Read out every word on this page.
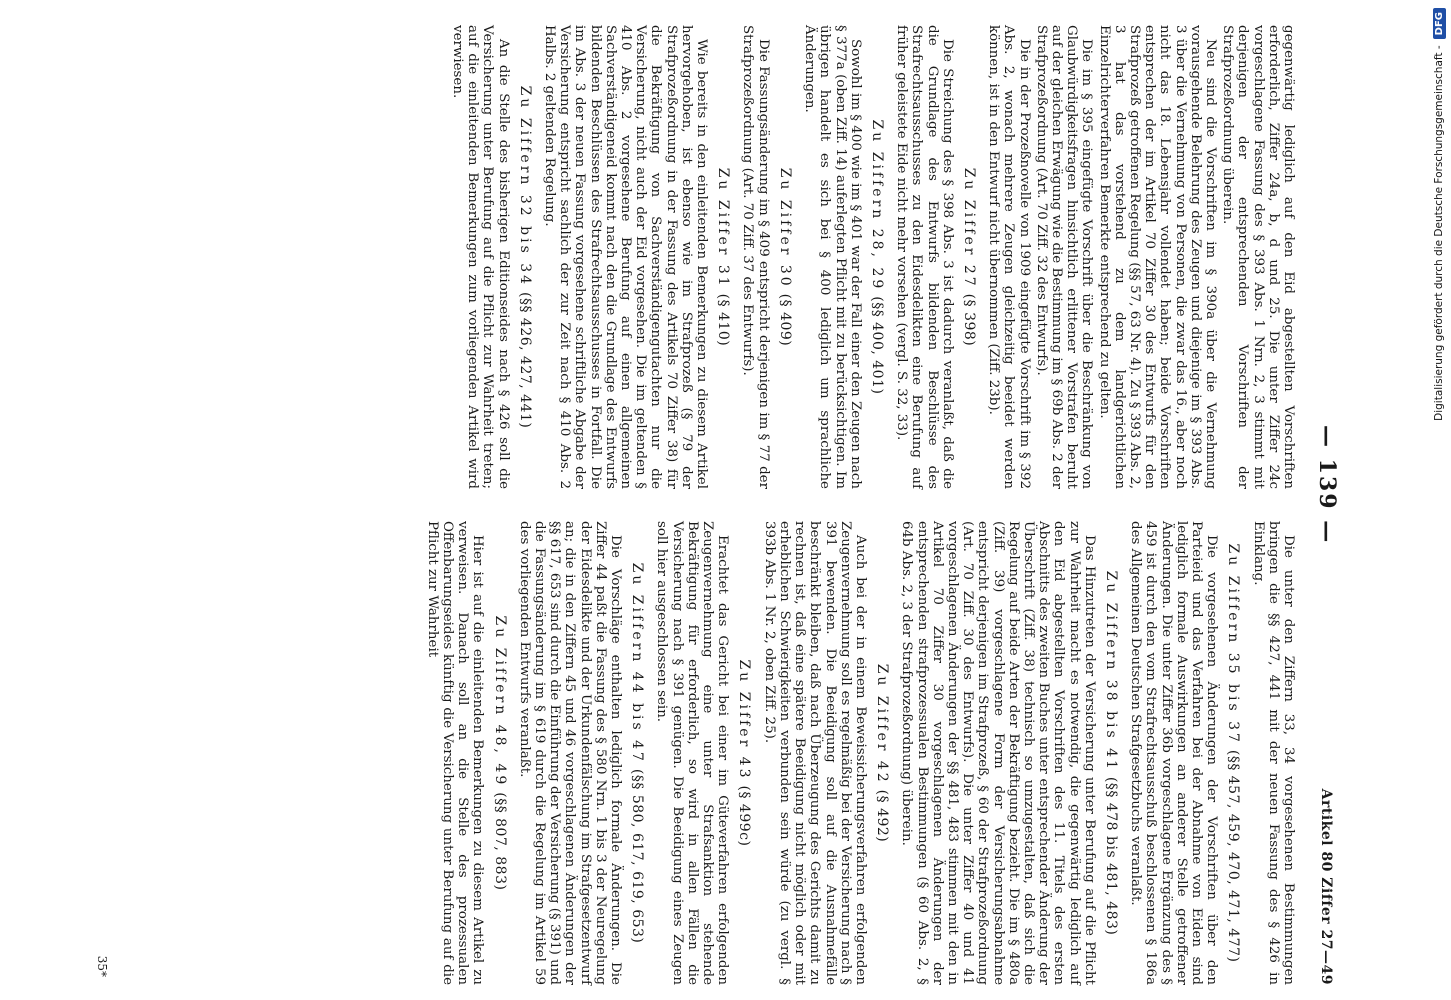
— 139 —
Artikel 80 Ziffer 27—49

gegenwärtig lediglich auf den Eid abgestellten Vorschriften erforderlich, Ziffer 24a, b, d und 25. Die unter Ziffer 24c vorgeschlagene Fassung des § 393 Abs. 1 Nrn. 2, 3 stimmt mit derjenigen der entsprechenden Vorschriften der Strafprozeßordnung überein.

Neu sind die Vorschriften im § 390a über die Vernehmung vorausgehende Belehrung des Zeugen und diejenige im § 393 Abs. 3 über die Vernehmung von Personen, die zwar das 16., aber noch nicht das 18. Lebensjahr vollendet haben; beide Vorschriften entsprechen der im Artikel 70 Ziffer 30 des Entwurfs für den Strafprozeß getroffenen Regelung (§§ 57, 63 Nr. 4). Zu § 393 Abs. 2, 3 hat das vorstehend zu dem landgerichtlichen Einzelrichterverfahren Bemerkte entsprechend zu gelten.

Die im § 395 eingefügte Vorschrift über die Beschränkung von Glaubwürdigkeitsfragen hinsichtlich erlittener Vorstrafen beruht auf der gleichen Erwägung wie die Bestimmung im § 69b Abs. 2 der Strafprozeßordnung (Art. 70 Ziff. 32 des Entwurfs).

Die in der Prozeßnovelle von 1909 eingefügte Vorschrift im § 392 Abs. 2, wonach mehrere Zeugen gleichzeitig beeidet werden können, ist in den Entwurf nicht übernommen (Ziff. 23b).

Zu Ziffer 27 (§ 398)

Die Streichung des § 398 Abs. 3 ist dadurch veranlaßt, daß die die Grundlage des Entwurfs bildenden Beschlüsse des Strafrechtsausschusses zu den Eidesdelikten eine Berufung auf früher geleistete Eide nicht mehr vorsehen (vergl. S. 32, 33).

Zu Ziffern 28, 29 (§§ 400, 401)

Sowohl im § 400 wie im § 401 war der Fall einer den Zeugen nach § 377a (oben Ziff. 14) auferlegten Pflicht mit zu berücksichtigen. Im übrigen handelt es sich bei § 400 lediglich um sprachliche Änderungen.

Zu Ziffer 30 (§ 409)

Die Fassungsänderung im § 409 entspricht derjenigen im § 77 der Strafprozeßordnung (Art. 70 Ziff. 37 des Entwurfs).

Zu Ziffer 31 (§ 410)

Wie bereits in den einleitenden Bemerkungen zu diesem Artikel hervorgehoben, ist ebenso wie im Strafprozeß (§ 79 der Strafprozeßordnung in der Fassung des Artikels 70 Ziffer 38) für die Bekräftigung von Sachverständigengutachten nur die Versicherung, nicht auch der Eid vorgesehen. Die im geltenden § 410 Abs. 2 vorgesehene Berufung auf einen allgemeinen Sachverständigeneid kommt nach den die Grundlage des Entwurfs bildenden Beschlüssen des Strafrechtsausschusses in Fortfall. Die im Abs. 3 der neuen Fassung vorgesehene schriftliche Abgabe der Versicherung entspricht sachlich der zur Zeit nach § 410 Abs. 2 Halbs. 2 geltenden Regelung.

Zu Ziffern 32 bis 34 (§§ 426, 427, 441)

An die Stelle des bisherigen Editionseides nach § 426 soll die Versicherung unter Berufung auf die Pflicht zur Wahrheit treten; auf die einleitenden Bemerkungen zum vorliegenden Artikel wird verwiesen.

Die unter den Ziffern 33, 34 vorgesehenen Bestimmungen bringen die §§ 427, 441 mit der neuen Fassung des § 426 in Einklang.

Zu Ziffern 35 bis 37 (§§ 457, 459, 470, 471, 477)

Die vorgesehenen Änderungen der Vorschriften über den Parteieid und das Verfahren bei der Abnahme von Eiden sind lediglich formale Auswirkungen an anderer Stelle getroffener Änderungen. Die unter Ziffer 36b vorgeschlagene Ergänzung des § 459 ist durch den vom Strafrechtsausschuß beschlossenen § 186a des Allgemeinen Deutschen Strafgesetzbuchs veranlaßt.

Zu Ziffern 38 bis 41 (§§ 478 bis 481, 483)

Das Hinzutreten der Versicherung unter Berufung auf die Pflicht zur Wahrheit macht es notwendig, die gegenwärtig lediglich auf den Eid abgestellten Vorschriften des 11. Titels des ersten Abschnitts des zweiten Buches unter entsprechender Änderung der Überschrift (Ziff. 38) technisch so umzugestalten, daß sich die Regelung auf beide Arten der Bekräftigung bezieht. Die im § 480a (Ziff. 39) vorgeschlagene Form der Versicherungsabnahme entspricht derjenigen im Strafprozeß, § 60 der Strafprozeßordnung (Art. 70 Ziff. 30 des Entwurfs). Die unter Ziffer 40 und 41 vorgeschlagenen Änderungen der §§ 481, 483 stimmen mit den in Artikel 70 Ziffer 30 vorgeschlagenen Änderungen der entsprechenden strafprozessualen Bestimmungen (§ 60 Abs. 2, § 64b Abs. 2, 3 der Strafprozeßordnung) überein.

Zu Ziffer 42 (§ 492)

Auch bei der in einem Beweissicherungsverfahren erfolgenden Zeugenvernehmung soll es regelmäßig bei der Versicherung nach § 391 bewenden. Die Beeidigung soll auf die Ausnahmefälle beschränkt bleiben, daß nach Überzeugung des Gerichts damit zu rechnen ist, daß eine spätere Beeidigung nicht möglich oder mit erheblichen Schwierigkeiten verbunden sein würde (zu vergl. § 393b Abs. 1 Nr. 2, oben Ziff. 25).

Zu Ziffer 43 (§ 499c)

Erachtet das Gericht bei einer im Güteverfahren erfolgenden Zeugenvernehmung eine unter Strafsanktion stehende Bekräftigung für erforderlich, so wird in allen Fällen die Versicherung nach § 391 genügen. Die Beeidigung eines Zeugen soll hier ausgeschlossen sein.

Zu Ziffern 44 bis 47 (§§ 580, 617, 619, 653)

Die Vorschläge enthalten lediglich formale Änderungen. Die Ziffer 44 paßt die Fassung des § 580 Nrn. 1 bis 3 der Neuregelung der Eidesdelikte und der Urkundenfälschung im Strafgesetzentwurf an; die in den Ziffern 45 und 46 vorgeschlagenen Änderungen der §§ 617, 653 sind durch die Einführung der Versicherung (§ 391) und die Fassungsänderung im § 619 durch die Regelung im Artikel 59 des vorliegenden Entwurfs veranlaßt.

Zu Ziffern 48, 49 (§§ 807, 883)

Hier ist auf die einleitenden Bemerkungen zu diesem Artikel zu verweisen. Danach soll an die Stelle des prozessualen Offenbarungseides künftig die Versicherung unter Berufung auf die Pflicht zur Wahrheit

35*
Digitalisierung gefördert durch die Deutsche Forschungsgemeinschaft -
DFG
